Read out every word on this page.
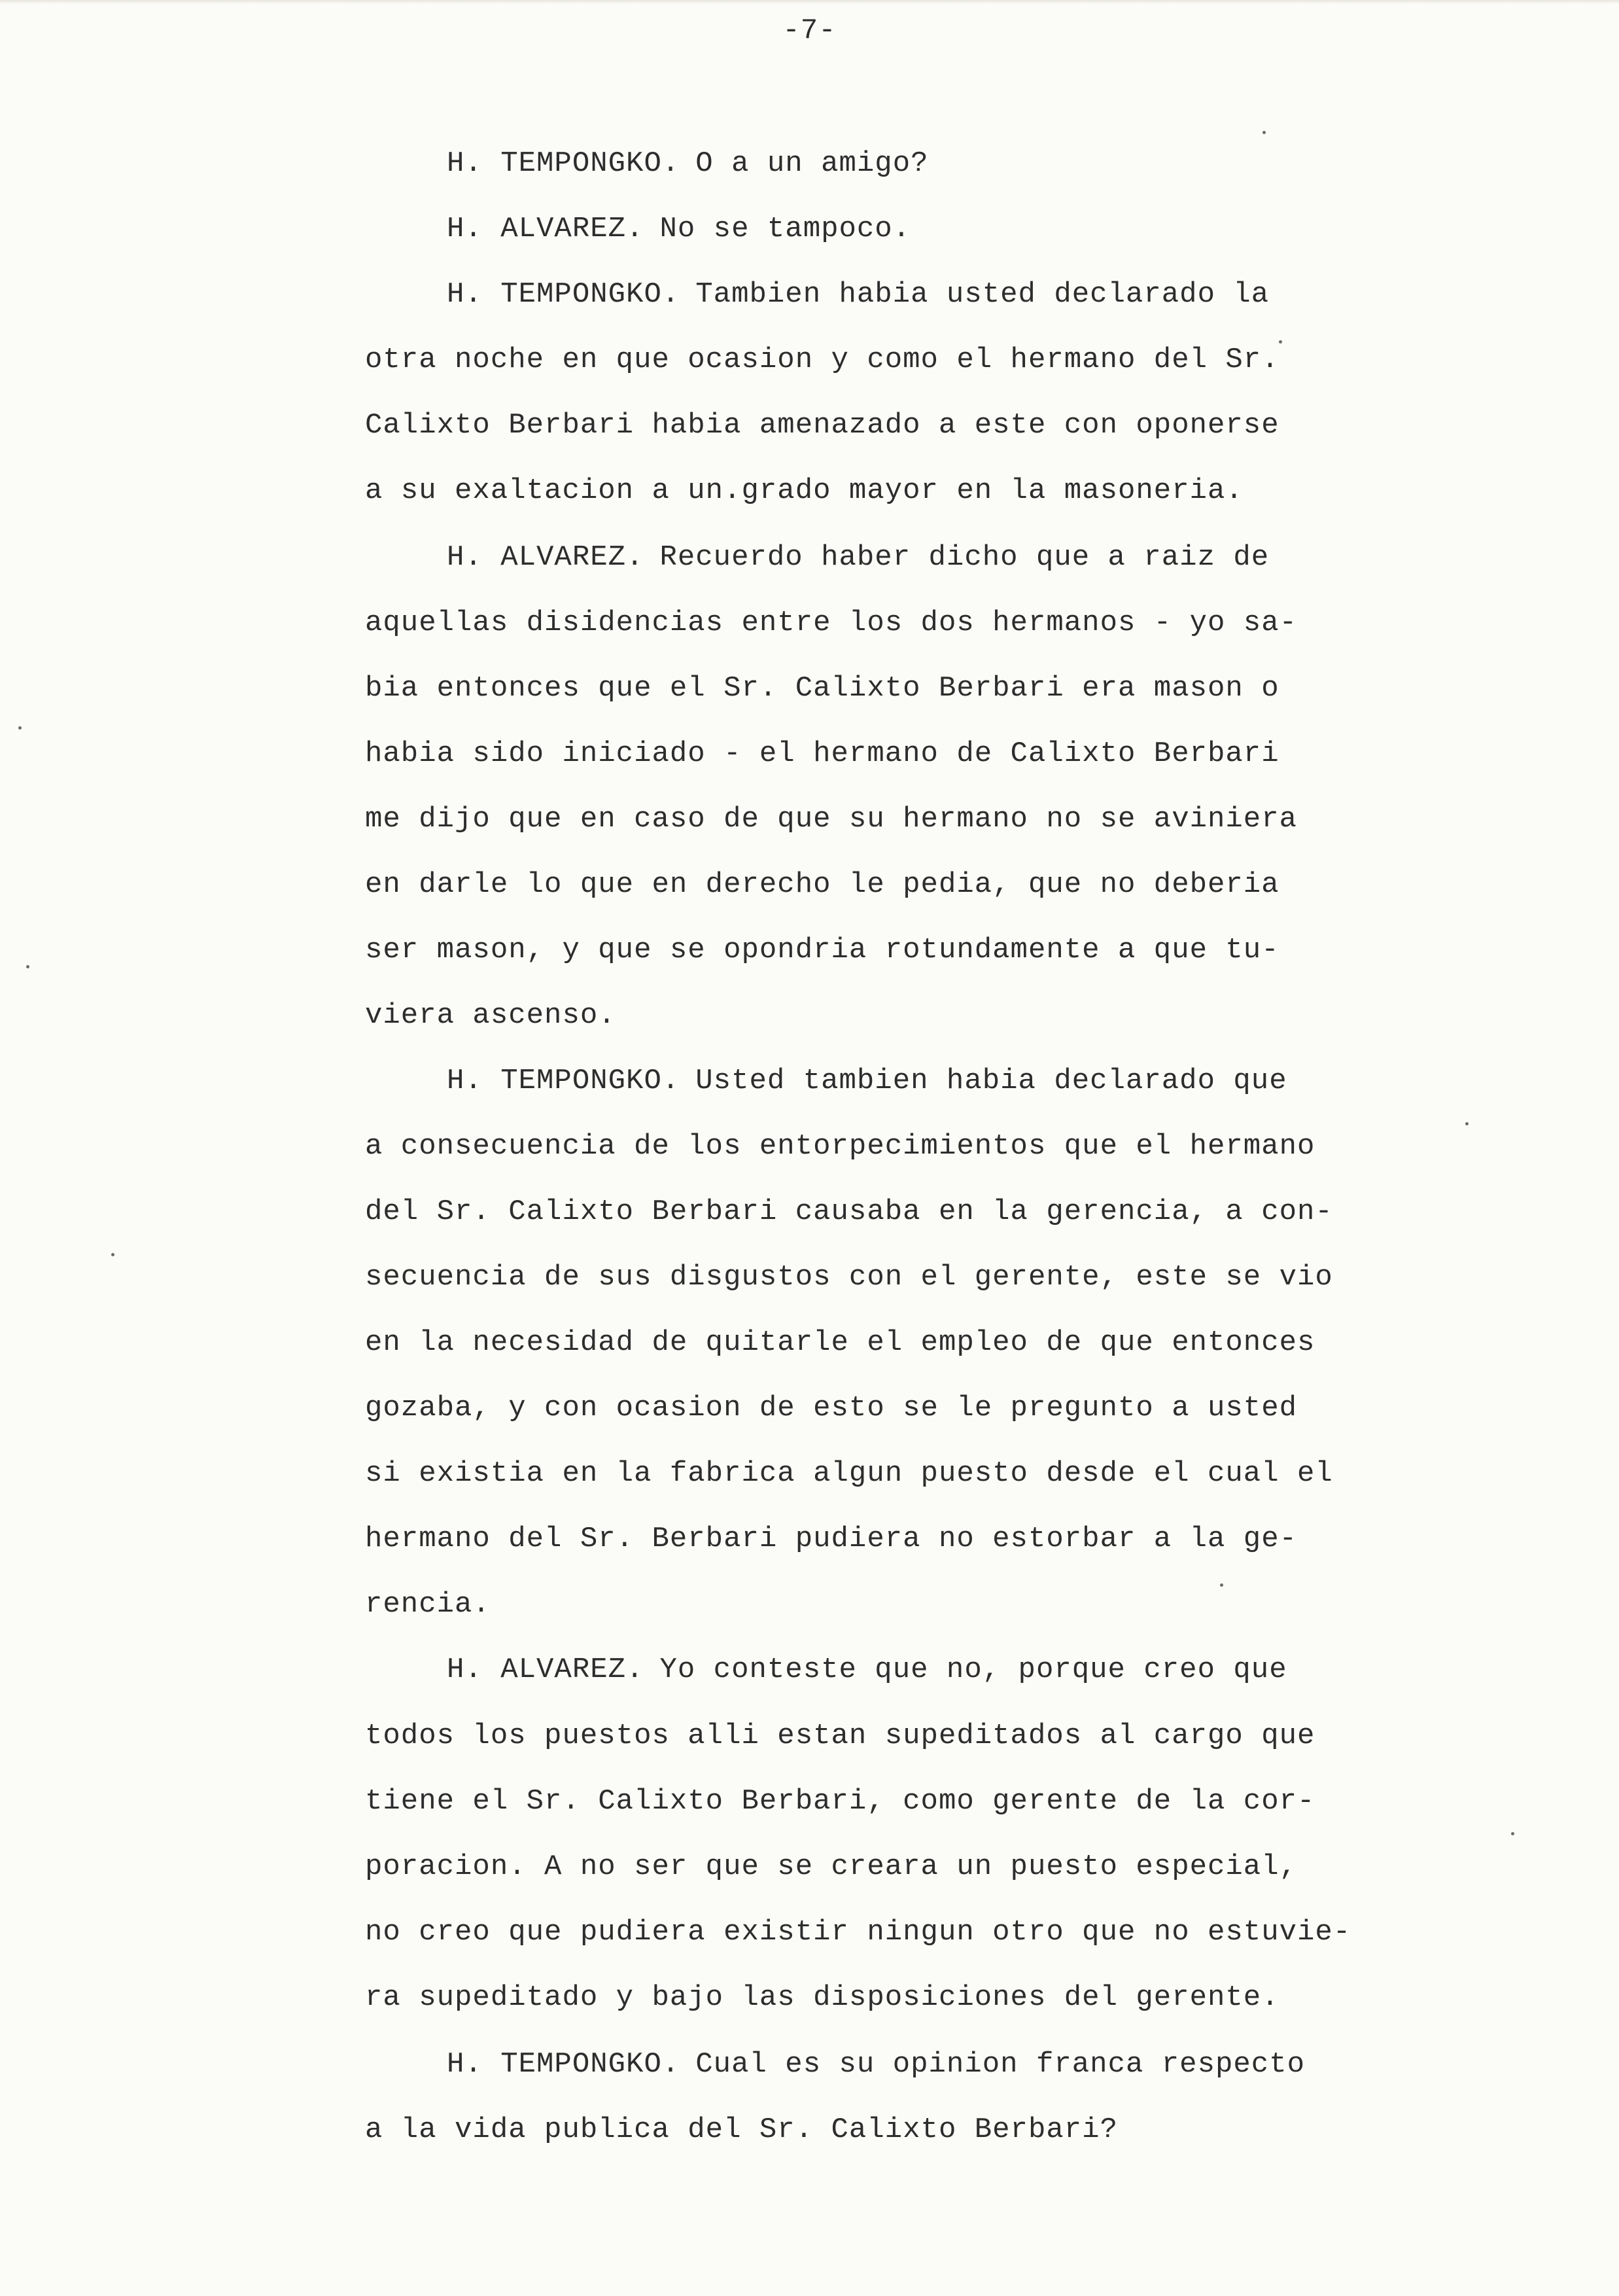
-7-
H. TEMPONGKO. O a un amigo?
H. ALVAREZ. No se tampoco.
H. TEMPONGKO. Tambien habia usted declarado la
otra noche en que ocasion y como el hermano del Sr.
Calixto Berbari habia amenazado a este con oponerse
a su exaltacion a un.grado mayor en la masoneria.
H. ALVAREZ. Recuerdo haber dicho que a raiz de
aquellas disidencias entre los dos hermanos - yo sa-
bia entonces que el Sr. Calixto Berbari era mason o
habia sido iniciado - el hermano de Calixto Berbari
me dijo que en caso de que su hermano no se aviniera
en darle lo que en derecho le pedia, que no deberia
ser mason, y que se opondria rotundamente a que tu-
viera ascenso.
H. TEMPONGKO. Usted tambien habia declarado que
a consecuencia de los entorpecimientos que el hermano
del Sr. Calixto Berbari causaba en la gerencia, a con-
secuencia de sus disgustos con el gerente, este se vio
en la necesidad de quitarle el empleo de que entonces
gozaba, y con ocasion de esto se le pregunto a usted
si existia en la fabrica algun puesto desde el cual el
hermano del Sr. Berbari pudiera no estorbar a la ge-
rencia.
H. ALVAREZ. Yo conteste que no, porque creo que
todos los puestos alli estan supeditados al cargo que
tiene el Sr. Calixto Berbari, como gerente de la cor-
poracion. A no ser que se creara un puesto especial,
no creo que pudiera existir ningun otro que no estuvie-
ra supeditado y bajo las disposiciones del gerente.
H. TEMPONGKO. Cual es su opinion franca respecto
a la vida publica del Sr. Calixto Berbari?
